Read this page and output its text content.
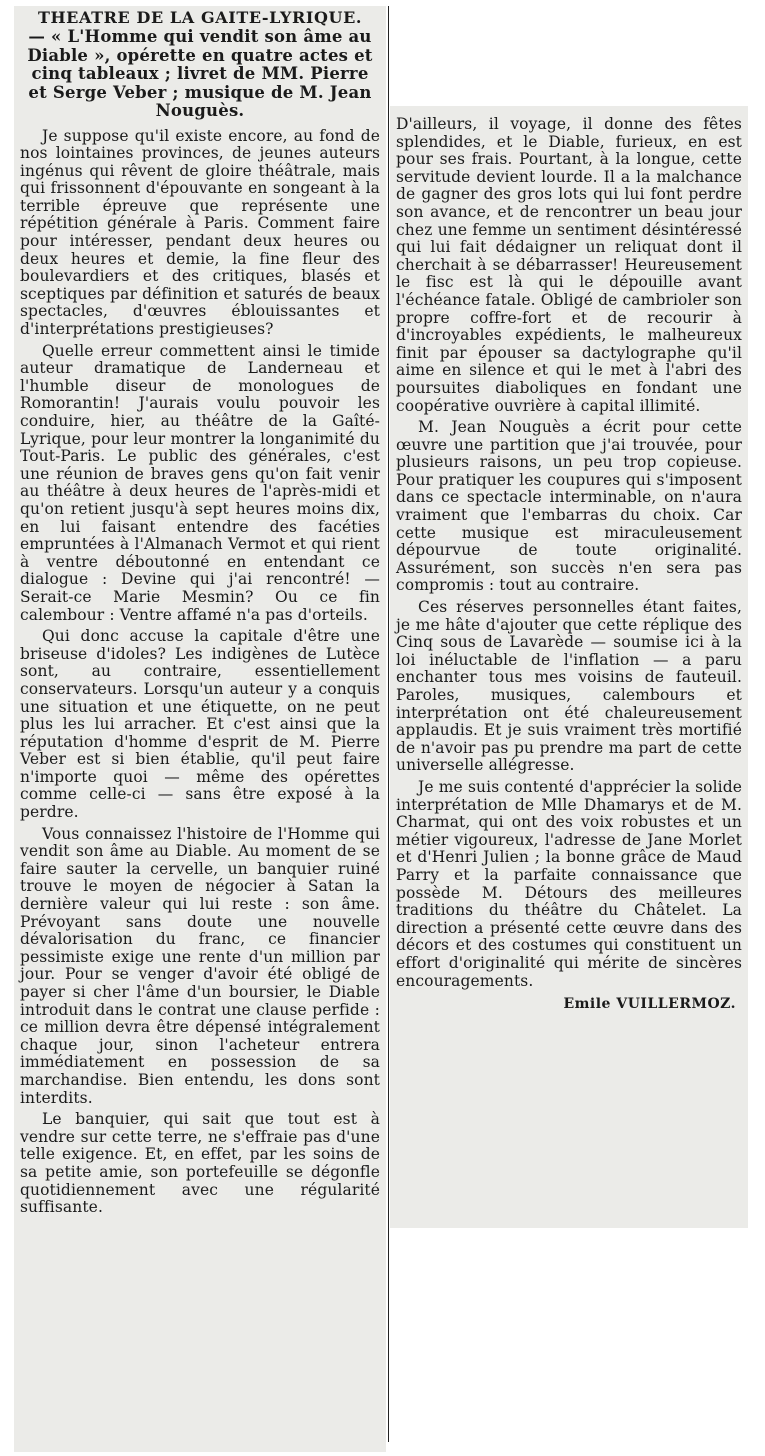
THEATRE DE LA GAITE-LYRIQUE.
— « L'Homme qui vendit son âme au Diable », opérette en quatre actes et cinq tableaux ; livret de MM. Pierre et Serge Veber ; musique de M. Jean Nouguès.

Je suppose qu'il existe encore, au fond de nos lointaines provinces, de jeunes auteurs ingénus qui rêvent de gloire théâtrale, mais qui frissonnent d'épouvante en songeant à la terrible épreuve que représente une répétition générale à Paris. Comment faire pour intéresser, pendant deux heures ou deux heures et demie, la fine fleur des boulevardiers et des critiques, blasés et sceptiques par définition et saturés de beaux spectacles, d'œuvres éblouissantes et d'interprétations prestigieuses?

Quelle erreur commettent ainsi le timide auteur dramatique de Landerneau et l'humble diseur de monologues de Romorantin! J'aurais voulu pouvoir les conduire, hier, au théâtre de la Gaîté-Lyrique, pour leur montrer la longanimité du Tout-Paris. Le public des générales, c'est une réunion de braves gens qu'on fait venir au théâtre à deux heures de l'après-midi et qu'on retient jusqu'à sept heures moins dix, en lui faisant entendre des facéties empruntées à l'Almanach Vermot et qui rient à ventre déboutonné en entendant ce dialogue : Devine qui j'ai rencontré! — Serait-ce Marie Mesmin? Ou ce fin calembour : Ventre affamé n'a pas d'orteils.

Qui donc accuse la capitale d'être une briseuse d'idoles? Les indigènes de Lutèce sont, au contraire, essentiellement conservateurs. Lorsqu'un auteur y a conquis une situation et une étiquette, on ne peut plus les lui arracher. Et c'est ainsi que la réputation d'homme d'esprit de M. Pierre Veber est si bien établie, qu'il peut faire n'importe quoi — même des opérettes comme celle-ci — sans être exposé à la perdre.

Vous connaissez l'histoire de l'Homme qui vendit son âme au Diable. Au moment de se faire sauter la cervelle, un banquier ruiné trouve le moyen de négocier à Satan la dernière valeur qui lui reste : son âme. Prévoyant sans doute une nouvelle dévalorisation du franc, ce financier pessimiste exige une rente d'un million par jour. Pour se venger d'avoir été obligé de payer si cher l'âme d'un boursier, le Diable introduit dans le contrat une clause perfide : ce million devra être dépensé intégralement chaque jour, sinon l'acheteur entrera immédiatement en possession de sa marchandise. Bien entendu, les dons sont interdits.

Le banquier, qui sait que tout est à vendre sur cette terre, ne s'effraie pas d'une telle exigence. Et, en effet, par les soins de sa petite amie, son portefeuille se dégonfle quotidiennement avec une régularité suffisante.

D'ailleurs, il voyage, il donne des fêtes splendides, et le Diable, furieux, en est pour ses frais. Pourtant, à la longue, cette servitude devient lourde. Il a la malchance de gagner des gros lots qui lui font perdre son avance, et de rencontrer un beau jour chez une femme un sentiment désintéressé qui lui fait dédaigner un reliquat dont il cherchait à se débarrasser! Heureusement le fisc est là qui le dépouille avant l'échéance fatale. Obligé de cambrioler son propre coffre-fort et de recourir à d'incroyables expédients, le malheureux finit par épouser sa dactylographe qu'il aime en silence et qui le met à l'abri des poursuites diaboliques en fondant une coopérative ouvrière à capital illimité.

M. Jean Nouguès a écrit pour cette œuvre une partition que j'ai trouvée, pour plusieurs raisons, un peu trop copieuse. Pour pratiquer les coupures qui s'imposent dans ce spectacle interminable, on n'aura vraiment que l'embarras du choix. Car cette musique est miraculeusement dépourvue de toute originalité. Assurément, son succès n'en sera pas compromis : tout au contraire.

Ces réserves personnelles étant faites, je me hâte d'ajouter que cette réplique des Cinq sous de Lavarède — soumise ici à la loi inéluctable de l'inflation — a paru enchanter tous mes voisins de fauteuil. Paroles, musiques, calembours et interprétation ont été chaleureusement applaudis. Et je suis vraiment très mortifié de n'avoir pas pu prendre ma part de cette universelle allégresse.

Je me suis contenté d'apprécier la solide interprétation de Mlle Dhamarys et de M. Charmat, qui ont des voix robustes et un métier vigoureux, l'adresse de Jane Morlet et d'Henri Julien ; la bonne grâce de Maud Parry et la parfaite connaissance que possède M. Détours des meilleures traditions du théâtre du Châtelet. La direction a présenté cette œuvre dans des décors et des costumes qui constituent un effort d'originalité qui mérite de sincères encouragements.

Emile VUILLERMOZ.
